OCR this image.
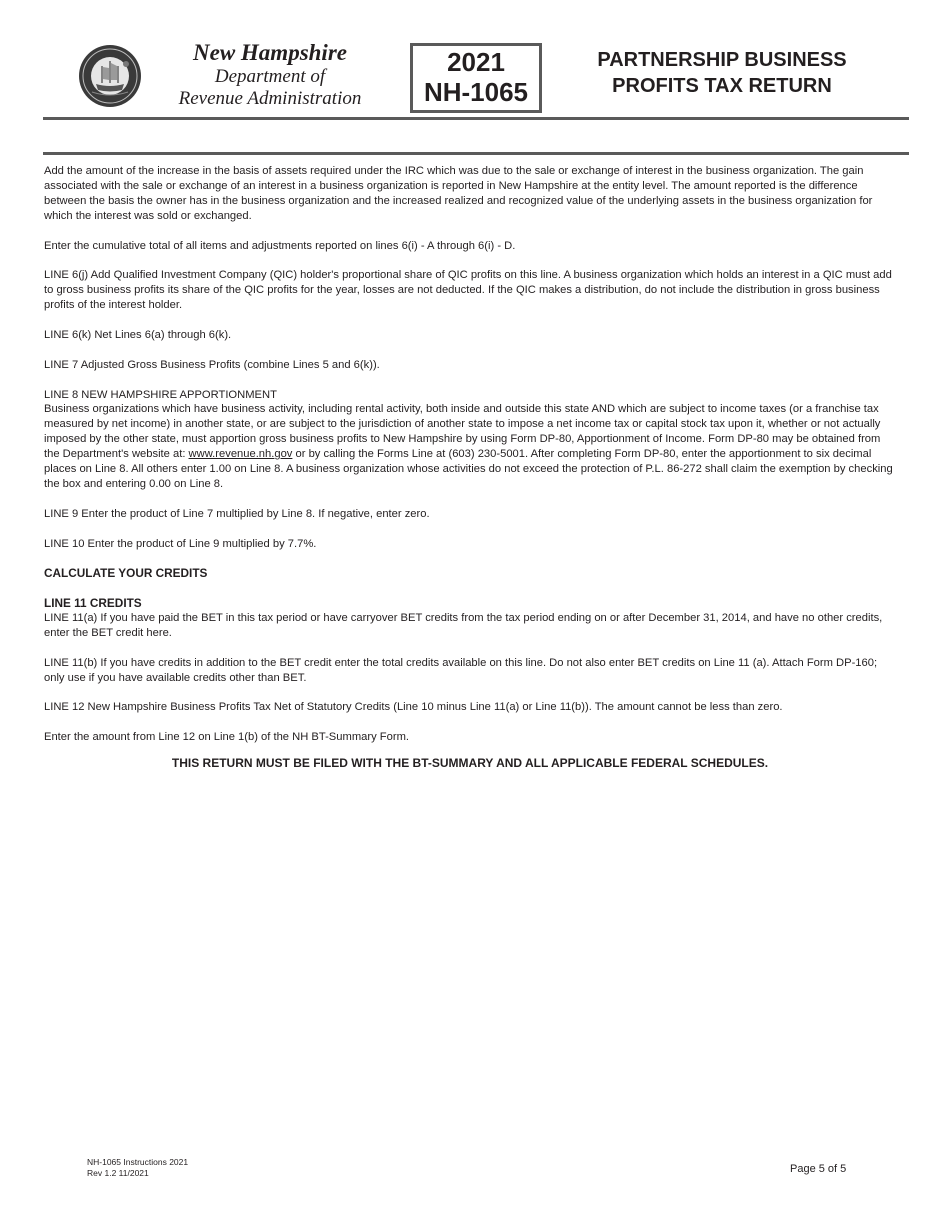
New Hampshire
Department of
Revenue Administration
2021
NH-1065
PARTNERSHIP BUSINESS
PROFITS TAX RETURN

Add the amount of the increase in the basis of assets required under the IRC which was due to the sale or exchange of interest in the business organization. The gain associated with the sale or exchange of an interest in a business organization is reported in New Hampshire at the entity level. The amount reported is the difference between the basis the owner has in the business organization and the increased realized and recognized value of the underlying assets in the business organization for which the interest was sold or exchanged.

Enter the cumulative total of all items and adjustments reported on lines 6(i) - A through 6(i) - D.

LINE 6(j) Add Qualified Investment Company (QIC) holder's proportional share of QIC profits on this line. A business organization which holds an interest in a QIC must add to gross business profits its share of the QIC profits for the year, losses are not deducted. If the QIC makes a distribution, do not include the distribution in gross business profits of the interest holder.

LINE 6(k) Net Lines 6(a) through 6(k).

LINE 7 Adjusted Gross Business Profits (combine Lines 5 and 6(k)).

LINE 8 NEW HAMPSHIRE APPORTIONMENT

Business organizations which have business activity, including rental activity, both inside and outside this state AND which are subject to income taxes (or a franchise tax measured by net income) in another state, or are subject to the jurisdiction of another state to impose a net income tax or capital stock tax upon it, whether or not actually imposed by the other state, must apportion gross business profits to New Hampshire by using Form DP-80, Apportionment of Income. Form DP-80 may be obtained from the Department's website at: www.revenue.nh.gov or by calling the Forms Line at (603) 230-5001. After completing Form DP-80, enter the apportionment to six decimal places on Line 8. All others enter 1.00 on Line 8. A business organization whose activities do not exceed the protection of P.L. 86-272 shall claim the exemption by checking the box and entering 0.00 on Line 8.

LINE 9 Enter the product of Line 7 multiplied by Line 8. If negative, enter zero.

LINE 10 Enter the product of Line 9 multiplied by 7.7%.

CALCULATE YOUR CREDITS

LINE 11 CREDITS

LINE 11(a) If you have paid the BET in this tax period or have carryover BET credits from the tax period ending on or after December 31, 2014, and have no other credits, enter the BET credit here.

LINE 11(b) If you have credits in addition to the BET credit enter the total credits available on this line. Do not also enter BET credits on Line 11 (a). Attach Form DP-160; only use if you have available credits other than BET.

LINE 12 New Hampshire Business Profits Tax Net of Statutory Credits (Line 10 minus Line 11(a) or Line 11(b)). The amount cannot be less than zero.

Enter the amount from Line 12 on Line 1(b) of the NH BT-Summary Form.

THIS RETURN MUST BE FILED WITH THE BT-SUMMARY AND ALL APPLICABLE FEDERAL SCHEDULES.

NH-1065 Instructions 2021
Rev 1.2 11/2021	Page 5 of 5
